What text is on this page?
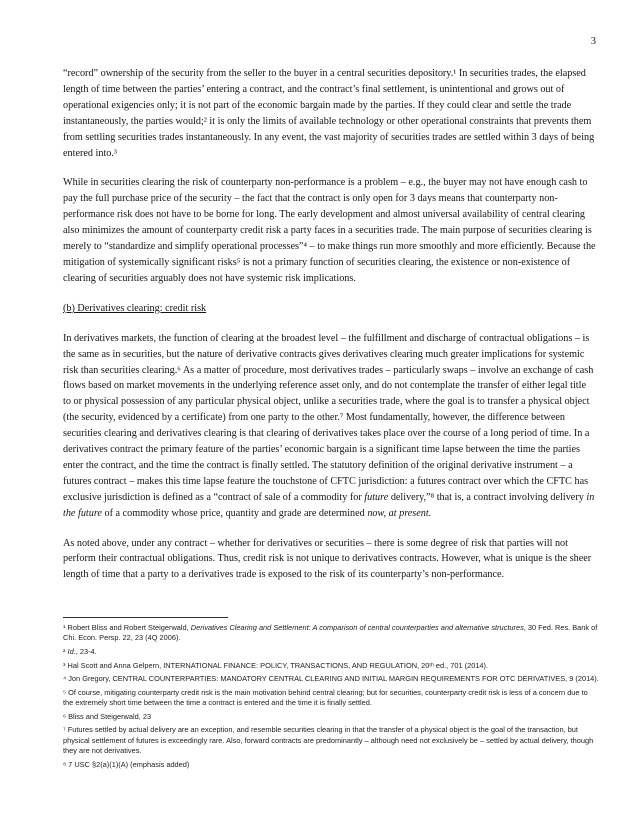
3

“record” ownership of the security from the seller to the buyer in a central securities depository.¹ In securities trades, the elapsed length of time between the parties’ entering a contract, and the contract’s final settlement, is unintentional and grows out of operational exigencies only; it is not part of the economic bargain made by the parties. If they could clear and settle the trade instantaneously, the parties would;² it is only the limits of available technology or other operational constraints that prevents them from settling securities trades instantaneously. In any event, the vast majority of securities trades are settled within 3 days of being entered into.³

While in securities clearing the risk of counterparty non-performance is a problem – e.g., the buyer may not have enough cash to pay the full purchase price of the security – the fact that the contract is only open for 3 days means that counterparty non-performance risk does not have to be borne for long. The early development and almost universal availability of central clearing also minimizes the amount of counterparty credit risk a party faces in a securities trade. The main purpose of securities clearing is merely to “standardize and simplify operational processes”⁴ – to make things run more smoothly and more efficiently. Because the mitigation of systemically significant risks⁵ is not a primary function of securities clearing, the existence or non-existence of clearing of securities arguably does not have systemic risk implications.

(b) Derivatives clearing: credit risk

In derivatives markets, the function of clearing at the broadest level – the fulfillment and discharge of contractual obligations – is the same as in securities, but the nature of derivative contracts gives derivatives clearing much greater implications for systemic risk than securities clearing.⁶ As a matter of procedure, most derivatives trades – particularly swaps – involve an exchange of cash flows based on market movements in the underlying reference asset only, and do not contemplate the transfer of either legal title to or physical possession of any particular physical object, unlike a securities trade, where the goal is to transfer a physical object (the security, evidenced by a certificate) from one party to the other.⁷ Most fundamentally, however, the difference between securities clearing and derivatives clearing is that clearing of derivatives takes place over the course of a long period of time. In a derivatives contract the primary feature of the parties’ economic bargain is a significant time lapse between the time the parties enter the contract, and the time the contract is finally settled. The statutory definition of the original derivative instrument – a futures contract – makes this time lapse feature the touchstone of CFTC jurisdiction: a futures contract over which the CFTC has exclusive jurisdiction is defined as a “contract of sale of a commodity for future delivery,”⁸ that is, a contract involving delivery in the future of a commodity whose price, quantity and grade are determined now, at present.

As noted above, under any contract – whether for derivatives or securities – there is some degree of risk that parties will not perform their contractual obligations. Thus, credit risk is not unique to derivatives contracts. However, what is unique is the sheer length of time that a party to a derivatives trade is exposed to the risk of its counterparty’s non-performance.

¹ Robert Bliss and Robert Steigerwald, Derivatives Clearing and Settlement: A comparison of central counterparties and alternative structures, 30 Fed. Res. Bank of Chi. Econ. Persp. 22, 23 (4Q 2006).
² Id., 23-4.
³ Hal Scott and Anna Gelpern, INTERNATIONAL FINANCE: POLICY, TRANSACTIONS, AND REGULATION, 20ᵗʰ ed., 701 (2014).
⁴ Jon Gregory, CENTRAL COUNTERPARTIES: MANDATORY CENTRAL CLEARING AND INITIAL MARGIN REQUIREMENTS FOR OTC DERIVATIVES, 9 (2014).
⁵ Of course, mitigating counterparty credit risk is the main motivation behind central clearing; but for securities, counterparty credit risk is less of a concern due to the extremely short time between the time a contract is entered and the time it is finally settled.
⁶ Bliss and Steigerwald, 23
⁷ Futures settled by actual delivery are an exception, and resemble securities clearing in that the transfer of a physical object is the goal of the transaction, but physical settlement of futures is exceedingly rare. Also, forward contracts are predominantly – although need not exclusively be – settled by actual delivery, though they are not derivatives.
⁸ 7 USC §2(a)(1)(A) (emphasis added)
